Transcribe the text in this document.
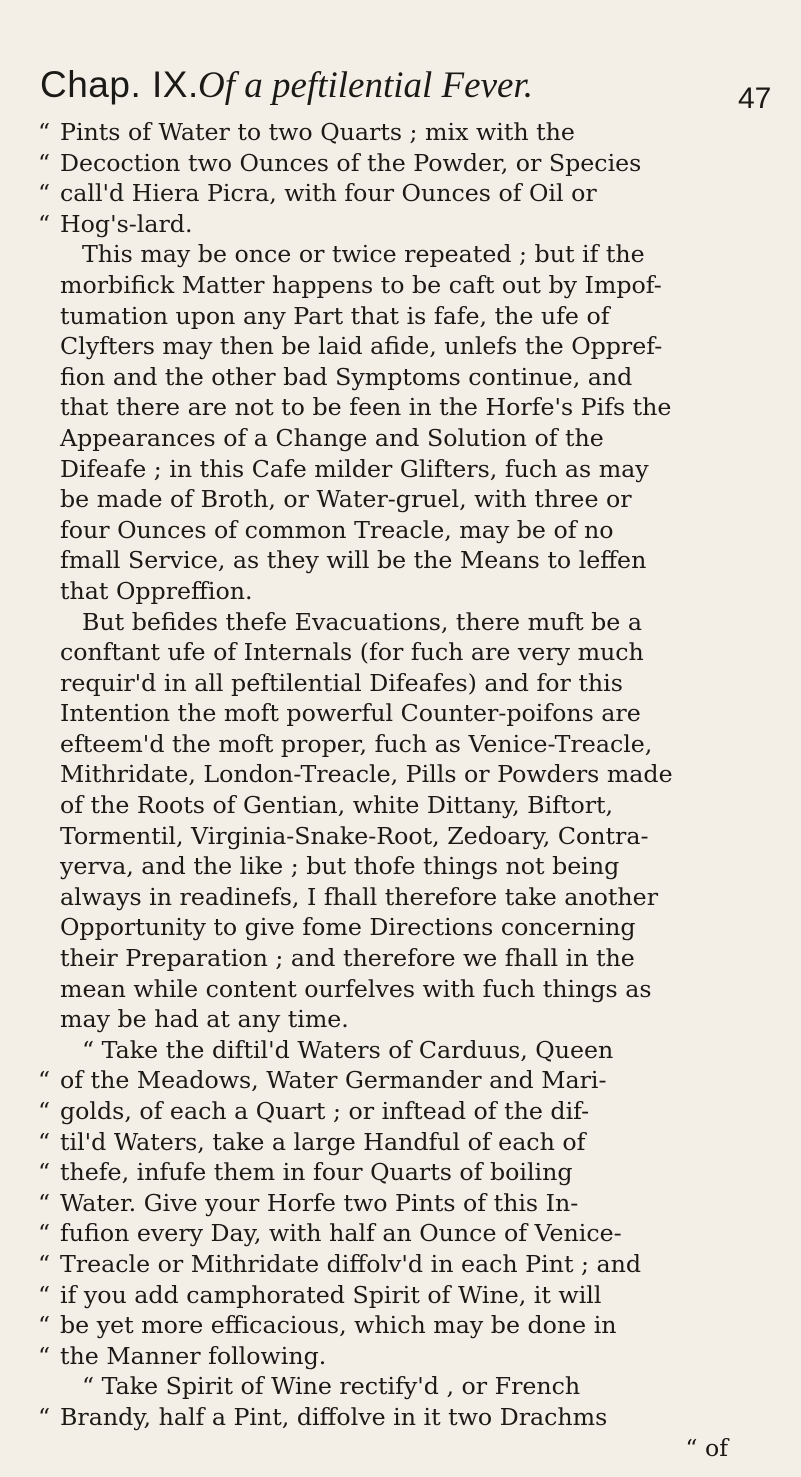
Chap. IX. Of a peftilential Fever.	47
“ Pints of Water to two Quarts ; mix with the
“ Decoction two Ounces of the Powder, or Species
“ call'd Hiera Picra, with four Ounces of Oil or
“ Hog's-lard.
This may be once or twice repeated ; but if the
morbifick Matter happens to be caft out by Impof-
tumation upon any Part that is fafe, the ufe of
Clyfters may then be laid afide, unlefs the Oppref-
fion and the other bad Symptoms continue, and
that there are not to be feen in the Horfe's Pifs the
Appearances of a Change and Solution of the
Difeafe ; in this Cafe milder Glifters, fuch as may
be made of Broth, or Water-gruel, with three or
four Ounces of common Treacle, may be of no
fmall Service, as they will be the Means to leffen
that Oppreffion.
But befides thefe Evacuations, there muft be a
conftant ufe of Internals (for fuch are very much
requir'd in all peftilential Difeafes) and for this
Intention the moft powerful Counter-poifons are
efteem'd the moft proper, fuch as Venice-Treacle,
Mithridate, London-Treacle, Pills or Powders made
of the Roots of Gentian, white Dittany, Biftort,
Tormentil, Virginia-Snake-Root, Zedoary, Contra-
yerva, and the like ; but thofe things not being
always in readinefs, I fhall therefore take another
Opportunity to give fome Directions concerning
their Preparation ; and therefore we fhall in the
mean while content ourfelves with fuch things as
may be had at any time.
“ Take the diftil'd Waters of Carduus, Queen
“ of the Meadows, Water Germander and Mari-
“ golds, of each a Quart ; or inftead of the dif-
“ til'd Waters, take a large Handful of each of
“ thefe, infufe them in four Quarts of boiling
“ Water. Give your Horfe two Pints of this In-
“ fufion every Day, with half an Ounce of Venice-
“ Treacle or Mithridate diffolv'd in each Pint ; and
“ if you add camphorated Spirit of Wine, it will
“ be yet more efficacious, which may be done in
“ the Manner following.
“ Take Spirit of Wine rectify'd , or French
“ Brandy, half a Pint, diffolve in it two Drachms
“ of
